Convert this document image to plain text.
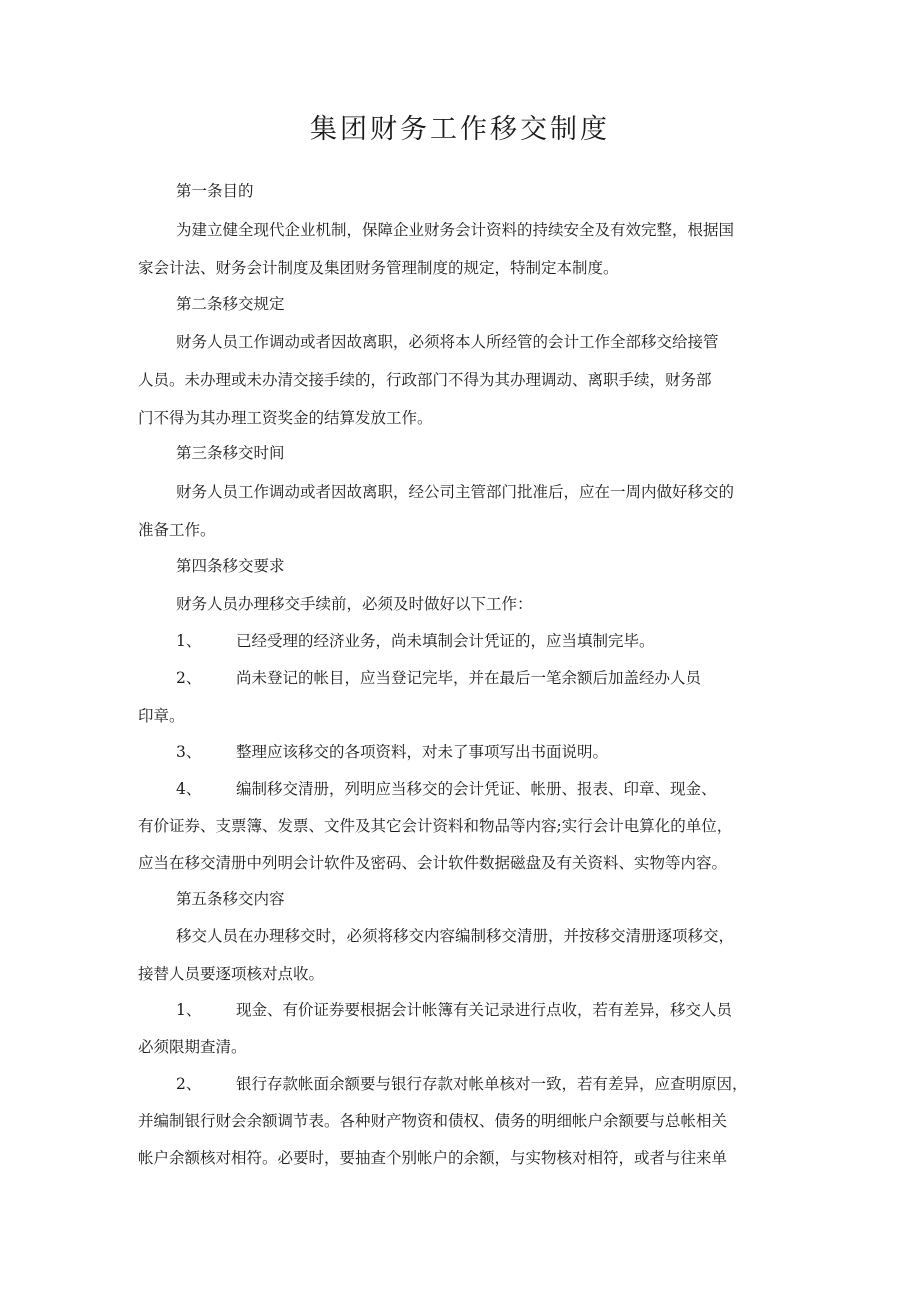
集团财务工作移交制度
第一条目的
为建立健全现代企业机制，保障企业财务会计资料的持续安全及有效完整，根据国
家会计法、财务会计制度及集团财务管理制度的规定，特制定本制度。
第二条移交规定
财务人员工作调动或者因故离职，必须将本人所经管的会计工作全部移交给接管
人员。未办理或未办清交接手续的，行政部门不得为其办理调动、离职手续，财务部
门不得为其办理工资奖金的结算发放工作。
第三条移交时间
财务人员工作调动或者因故离职，经公司主管部门批准后，应在一周内做好移交的
准备工作。
第四条移交要求
财务人员办理移交手续前，必须及时做好以下工作：
1、 已经受理的经济业务，尚未填制会计凭证的，应当填制完毕。
2、 尚未登记的帐目，应当登记完毕，并在最后一笔余额后加盖经办人员
印章。
3、 整理应该移交的各项资料，对未了事项写出书面说明。
4、 编制移交清册，列明应当移交的会计凭证、帐册、报表、印章、现金、
有价证券、支票簿、发票、文件及其它会计资料和物品等内容;实行会计电算化的单位，
应当在移交清册中列明会计软件及密码、会计软件数据磁盘及有关资料、实物等内容。
第五条移交内容
移交人员在办理移交时，必须将移交内容编制移交清册，并按移交清册逐项移交，
接替人员要逐项核对点收。
1、 现金、有价证券要根据会计帐簿有关记录进行点收，若有差异，移交人员
必须限期查清。
2、 银行存款帐面余额要与银行存款对帐单核对一致，若有差异，应查明原因，
并编制银行财会余额调节表。各种财产物资和债权、债务的明细帐户余额要与总帐相关
帐户余额核对相符。必要时，要抽查个别帐户的余额，与实物核对相符，或者与往来单
